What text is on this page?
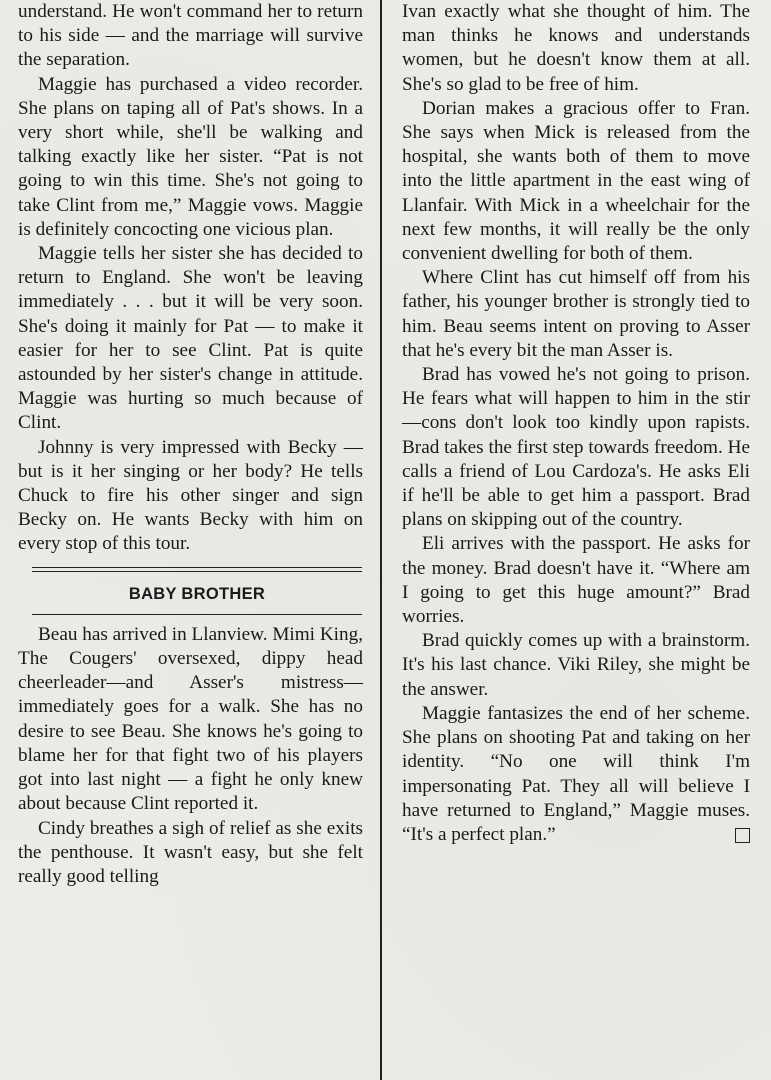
understand. He won't command her to return to his side — and the marriage will survive the separation.

Maggie has purchased a video recorder. She plans on taping all of Pat's shows. In a very short while, she'll be walking and talking exactly like her sister. “Pat is not going to win this time. She's not going to take Clint from me,” Maggie vows. Maggie is definitely concocting one vicious plan.

Maggie tells her sister she has decided to return to England. She won't be leaving immediately . . . but it will be very soon. She's doing it mainly for Pat — to make it easier for her to see Clint. Pat is quite astounded by her sister's change in attitude. Maggie was hurting so much because of Clint.

Johnny is very impressed with Becky — but is it her singing or her body? He tells Chuck to fire his other singer and sign Becky on. He wants Becky with him on every stop of this tour.

BABY BROTHER

Beau has arrived in Llanview. Mimi King, The Cougers' oversexed, dippy head cheerleader—and Asser's mistress—immediately goes for a walk. She has no desire to see Beau. She knows he's going to blame her for that fight two of his players got into last night — a fight he only knew about because Clint reported it.

Cindy breathes a sigh of relief as she exits the penthouse. It wasn't easy, but she felt really good telling

Ivan exactly what she thought of him. The man thinks he knows and understands women, but he doesn't know them at all. She's so glad to be free of him.

Dorian makes a gracious offer to Fran. She says when Mick is released from the hospital, she wants both of them to move into the little apartment in the east wing of Llanfair. With Mick in a wheelchair for the next few months, it will really be the only convenient dwelling for both of them.

Where Clint has cut himself off from his father, his younger brother is strongly tied to him. Beau seems intent on proving to Asser that he's every bit the man Asser is.

Brad has vowed he's not going to prison. He fears what will happen to him in the stir—cons don't look too kindly upon rapists. Brad takes the first step towards freedom. He calls a friend of Lou Cardoza's. He asks Eli if he'll be able to get him a passport. Brad plans on skipping out of the country.

Eli arrives with the passport. He asks for the money. Brad doesn't have it. “Where am I going to get this huge amount?” Brad worries.

Brad quickly comes up with a brainstorm. It's his last chance. Viki Riley, she might be the answer.

Maggie fantasizes the end of her scheme. She plans on shooting Pat and taking on her identity. “No one will think I'm impersonating Pat. They all will believe I have returned to England,” Maggie muses. “It's a perfect plan.”
